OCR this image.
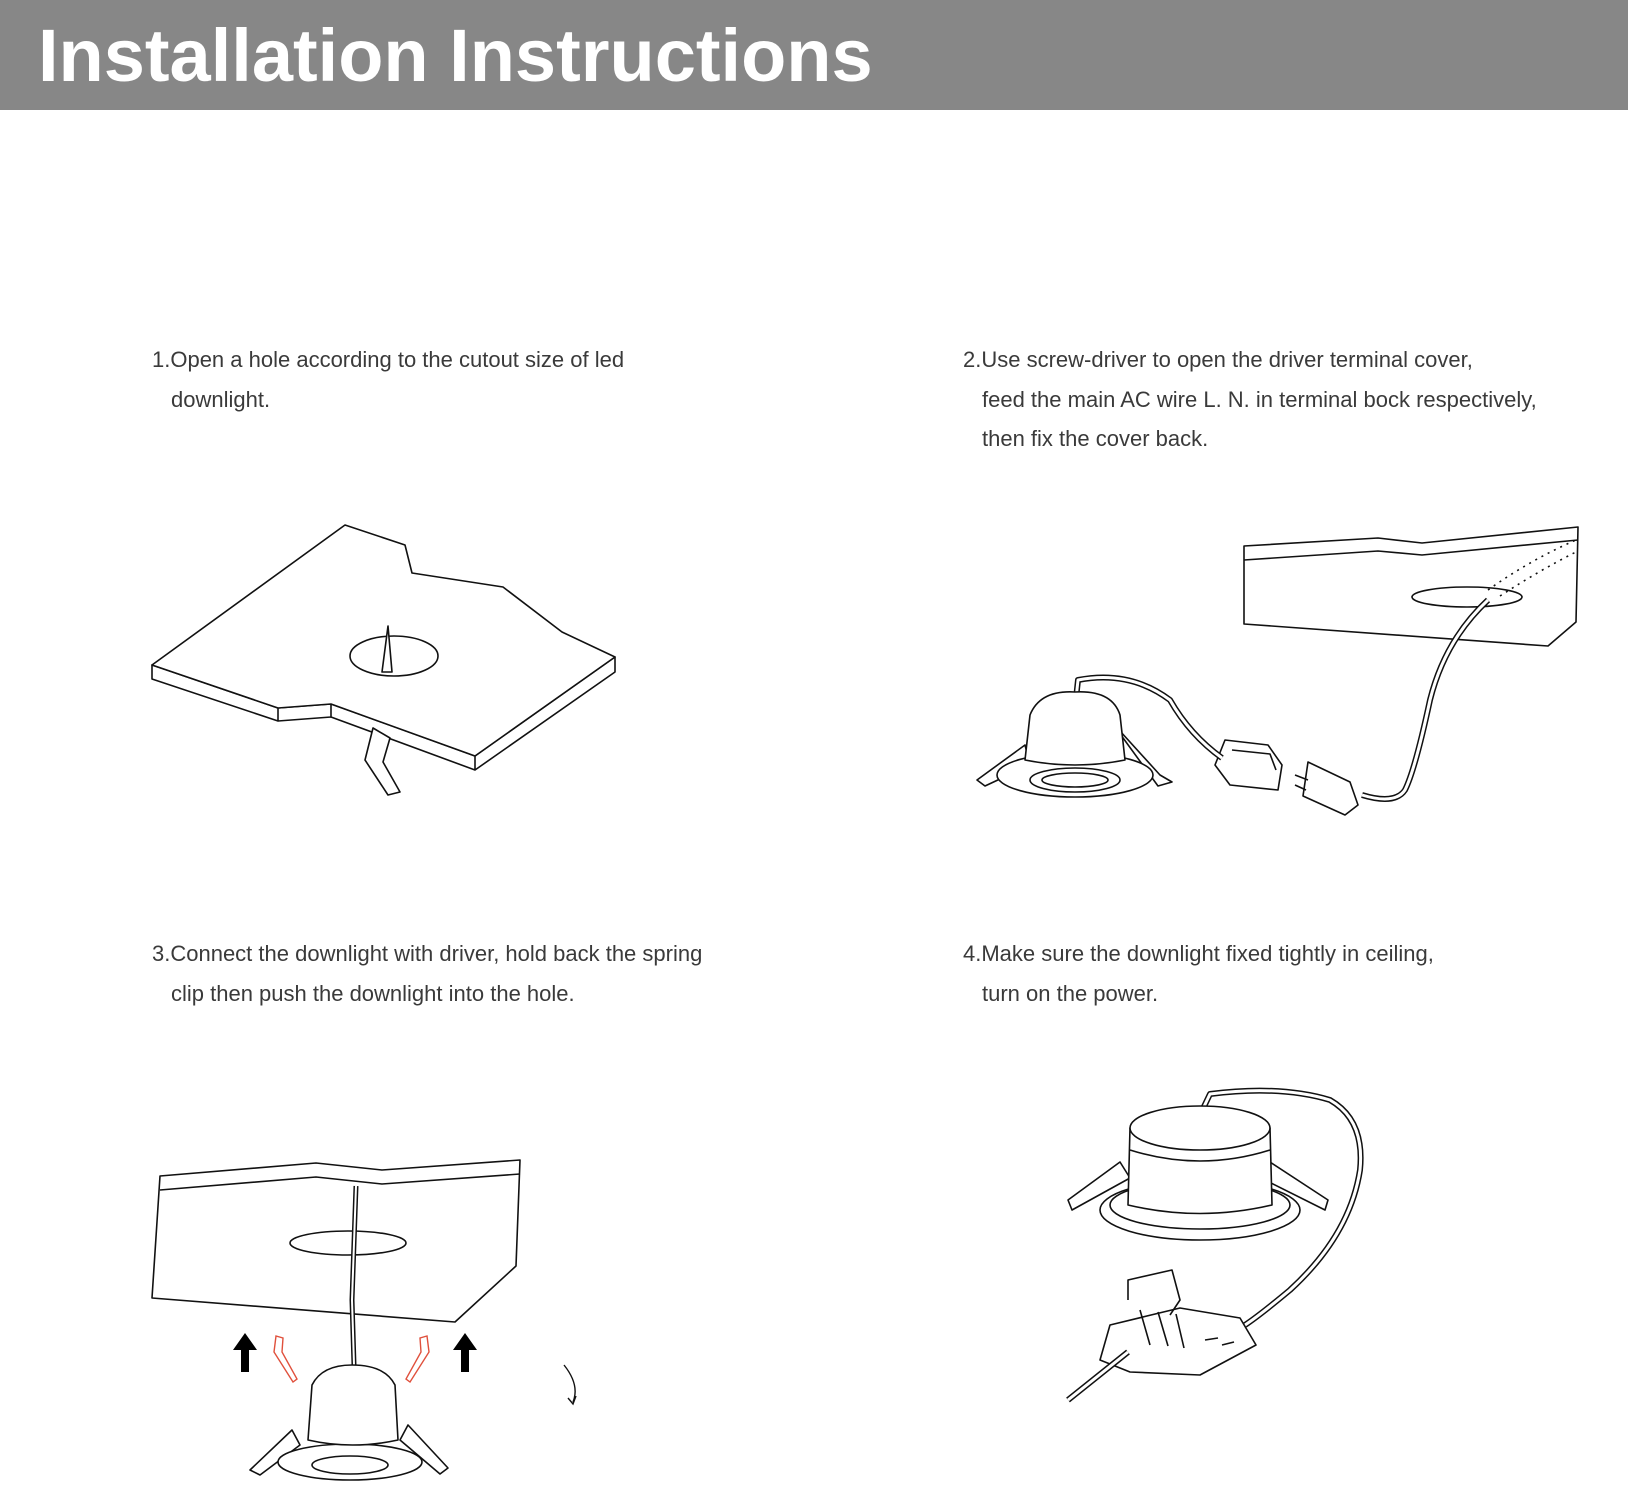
Installation Instructions
1.Open a hole according to the cutout size of led
downlight.
2.Use screw-driver to open the driver terminal cover,
feed the main AC wire L. N. in terminal bock respectively,
then fix the cover back.
3.Connect the downlight with driver, hold back the spring
clip then push the downlight into the hole.
4.Make sure the downlight fixed tightly in ceiling,
turn on the power.
